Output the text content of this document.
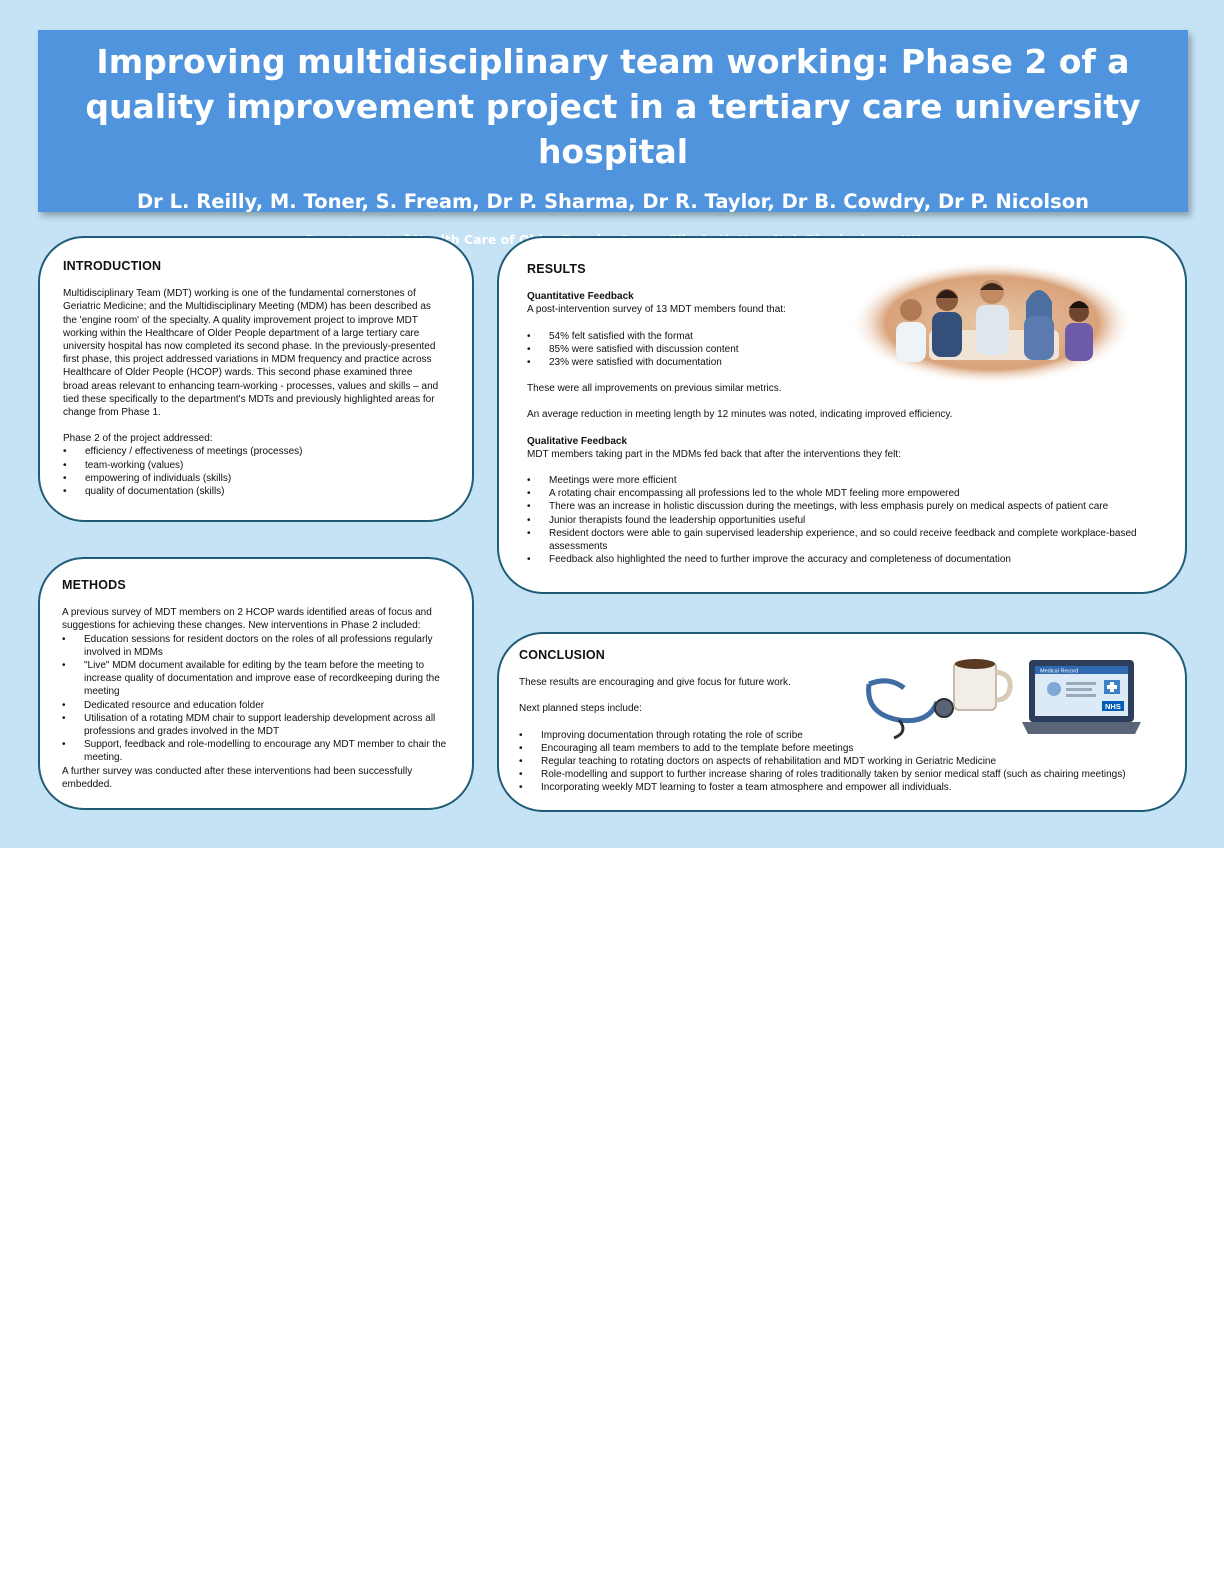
Improving multidisciplinary team working: Phase 2 of a quality improvement project in a tertiary care university hospital
Dr L. Reilly, M. Toner, S. Fream, Dr P. Sharma, Dr R. Taylor, Dr B. Cowdry, Dr P. Nicolson
Care of
INTRODUCTION

Multidisciplinary Team (MDT) working is one of the fundamental cornerstones of Geriatric Medicine; and the Multidisciplinary Meeting (MDM) has been described as the 'engine room' of the specialty. A quality improvement project to improve MDT working within the Healthcare of Older People department of a large tertiary care university hospital has now completed its second phase. In the previously-presented first phase, this project addressed variations in MDM frequency and practice across Healthcare of Older People (HCOP) wards. This second phase examined three broad areas relevant to enhancing team-working - processes, values and skills – and tied these specifically to the department's MDTs and previously highlighted areas for change from Phase 1.

Phase 2 of the project addressed:

• efficiency / effectiveness of meetings (processes)
• team-working (values)
• empowering of individuals (skills)
• quality of documentation (skills)
METHODS

A previous survey of MDT members on 2 HCOP wards identified areas of focus and suggestions for achieving these changes. New interventions in Phase 2 included:

• Education sessions for resident doctors on the roles of all professions regularly involved in MDMs
• "Live" MDM document available for editing by the team before the meeting to increase quality of documentation and improve ease of recordkeeping during the meeting
• Dedicated resource and education folder
• Utilisation of a rotating MDM chair to support leadership development across all professions and grades involved in the MDT
• Support, feedback and role-modelling to encourage any MDT member to chair the meeting.

A further survey was conducted after these interventions had been successfully embedded.

RESULTS

Quantitative Feedback

A post-intervention survey of 13 MDT members found that:

• 54% felt satisfied with the format
• 85% were satisfied with discussion content
• 23% were satisfied with documentation

These were all improvements on previous similar metrics.

An average reduction in meeting length by 12 minutes was noted, indicating improved efficiency.

Qualitative Feedback

MDT members taking part in the MDMs fed back that after the interventions they felt:

• Meetings were more efficient
• A rotating chair encompassing all professions led to the whole MDT feeling more empowered
• There was an increase in holistic discussion during the meetings, with less emphasis purely on medical aspects of patient care
• Junior therapists found the leadership opportunities useful
• Resident doctors were able to gain supervised leadership experience, and so could receive feedback and complete workplace-based assessments
• Feedback also highlighted the need to further improve the accuracy and completeness of documentation
Medical Record
NHS
CONCLUSION

These results are encouraging and give focus for future work.

Next planned steps include:

• Improving documentation through rotating the role of scribe
• Encouraging all team members to add to the template before meetings
• Regular teaching to rotating doctors on aspects of rehabilitation and MDT working in Geriatric Medicine
• Role-modelling and support to further increase sharing of roles traditionally taken by senior medical staff (such as chairing meetings)
• Incorporating weekly MDT learning to foster a team atmosphere and empower all individuals.
